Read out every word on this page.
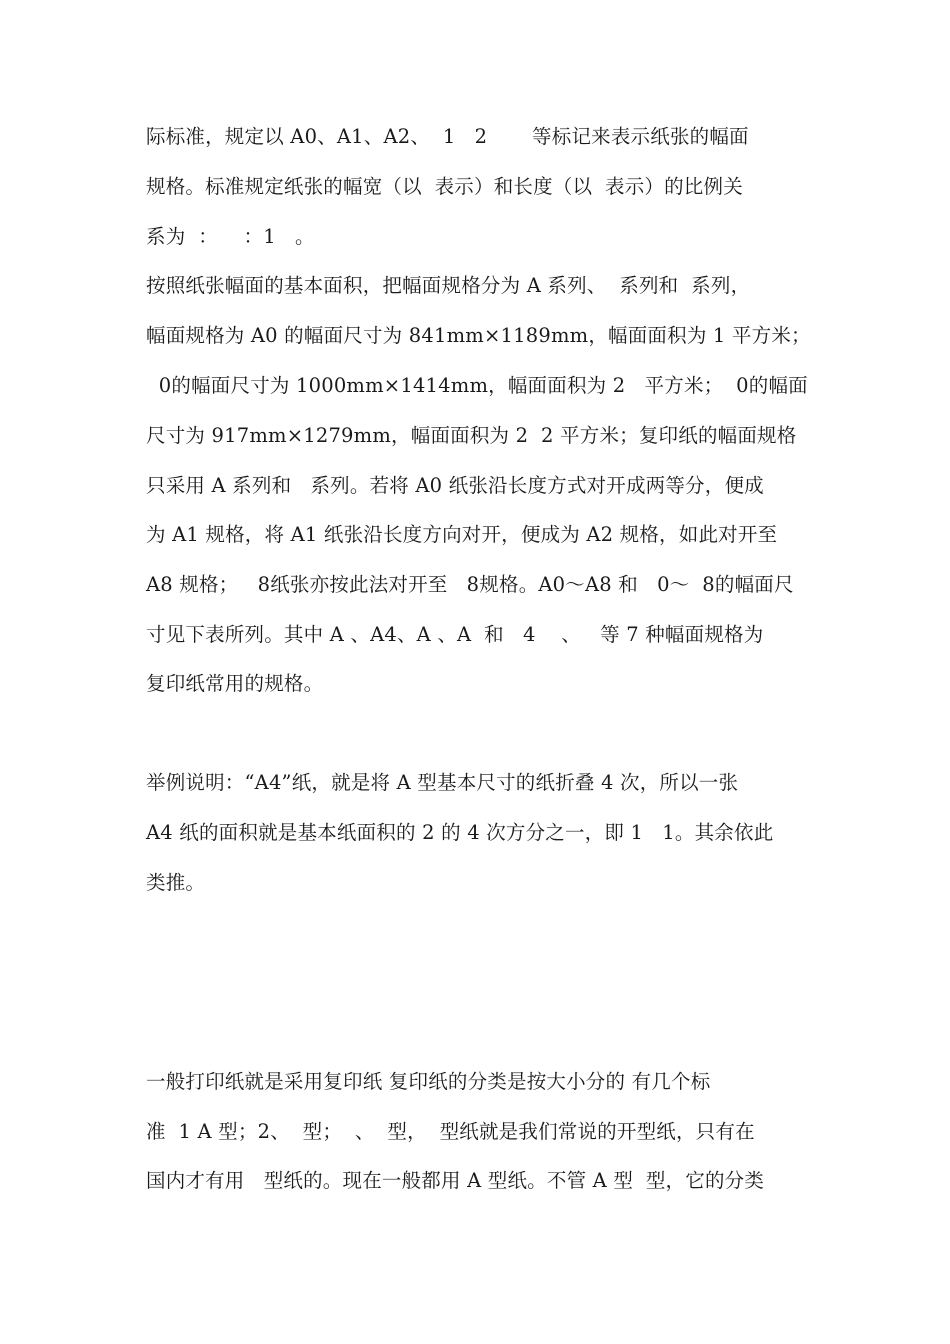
际标准，规定以 A0、A1、A2、  1   2       等标记来表示纸张的幅面
规格。标准规定纸张的幅宽（以  表示）和长度（以  表示）的比例关
系为  ：    ：1   。
按照纸张幅面的基本面积，把幅面规格分为 A 系列、  系列和  系列，
幅面规格为 A0 的幅面尺寸为 841mm×1189mm，幅面面积为 1 平方米；
0的幅面尺寸为 1000mm×1414mm，幅面面积为 2   平方米；  0的幅面
尺寸为 917mm×1279mm，幅面面积为 2  2 平方米；复印纸的幅面规格
只采用 A 系列和   系列。若将 A0 纸张沿长度方式对开成两等分，便成
为 A1 规格，将 A1 纸张沿长度方向对开，便成为 A2 规格，如此对开至
A8 规格；   8纸张亦按此法对开至   8规格。A0～A8 和   0～  8的幅面尺
寸见下表所列。其中 A 、A4、A 、A  和   4    、   等 7 种幅面规格为
复印纸常用的规格。
举例说明：“A4”纸，就是将 A 型基本尺寸的纸折叠 4 次，所以一张
A4 纸的面积就是基本纸面积的 2 的 4 次方分之一，即 1   1。其余依此
类推。
一般打印纸就是采用复印纸 复印纸的分类是按大小分的 有几个标
准  1 A 型；2、  型；  、  型，  型纸就是我们常说的开型纸，只有在
国内才有用   型纸的。现在一般都用 A 型纸。不管 A 型  型，它的分类
